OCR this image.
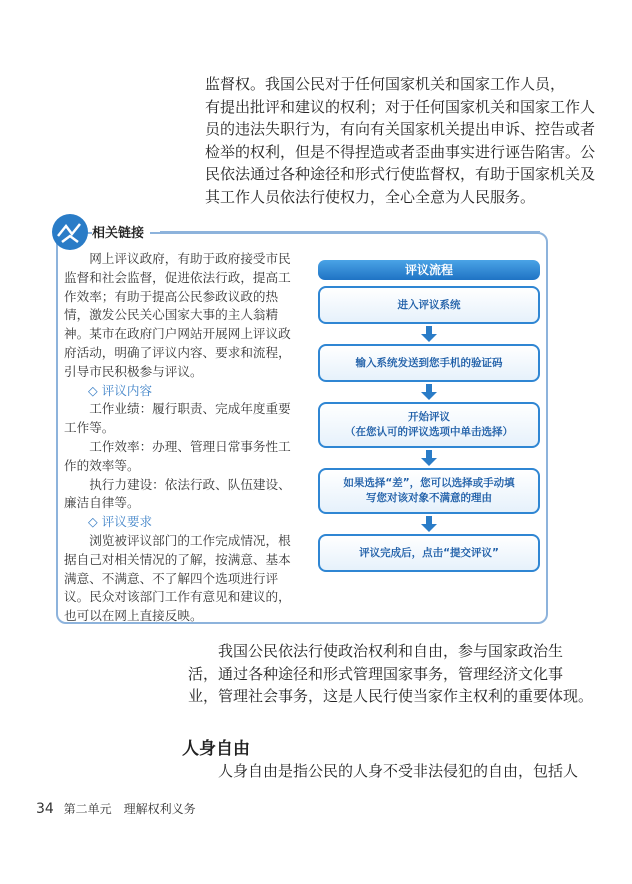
监督权。我国公民对于任何国家机关和国家工作人员，
有提出批评和建议的权利；对于任何国家机关和国家工作人
员的违法失职行为，有向有关国家机关提出申诉、控告或者
检举的权利，但是不得捏造或者歪曲事实进行诬告陷害。公
民依法通过各种途径和形式行使监督权，有助于国家机关及
其工作人员依法行使权力，全心全意为人民服务。
相关链接
　　网上评议政府，有助于政府接受市民
监督和社会监督，促进依法行政，提高工
作效率；有助于提高公民参政议政的热
情，激发公民关心国家大事的主人翁精
神。某市在政府门户网站开展网上评议政
府活动，明确了评议内容、要求和流程，
引导市民积极参与评议。
◇ 评议内容
　　工作业绩：履行职责、完成年度重要
工作等。
　　工作效率：办理、管理日常事务性工
作的效率等。
　　执行力建设：依法行政、队伍建设、
廉洁自律等。
◇ 评议要求
　　浏览被评议部门的工作完成情况，根
据自己对相关情况的了解，按满意、基本
满意、不满意、不了解四个选项进行评
议。民众对该部门工作有意见和建议的，
也可以在网上直接反映。
评议流程
进入评议系统
输入系统发送到您手机的验证码
开始评议
（在您认可的评议选项中单击选择）
如果选择“差”，您可以选择或手动填
写您对该对象不满意的理由
评议完成后，点击“提交评议”
　　我国公民依法行使政治权利和自由，参与国家政治生
活，通过各种途径和形式管理国家事务，管理经济文化事
业，管理社会事务，这是人民行使当家作主权利的重要体现。
人身自由
　　人身自由是指公民的人身不受非法侵犯的自由，包括人
34 第二单元　理解权利义务
